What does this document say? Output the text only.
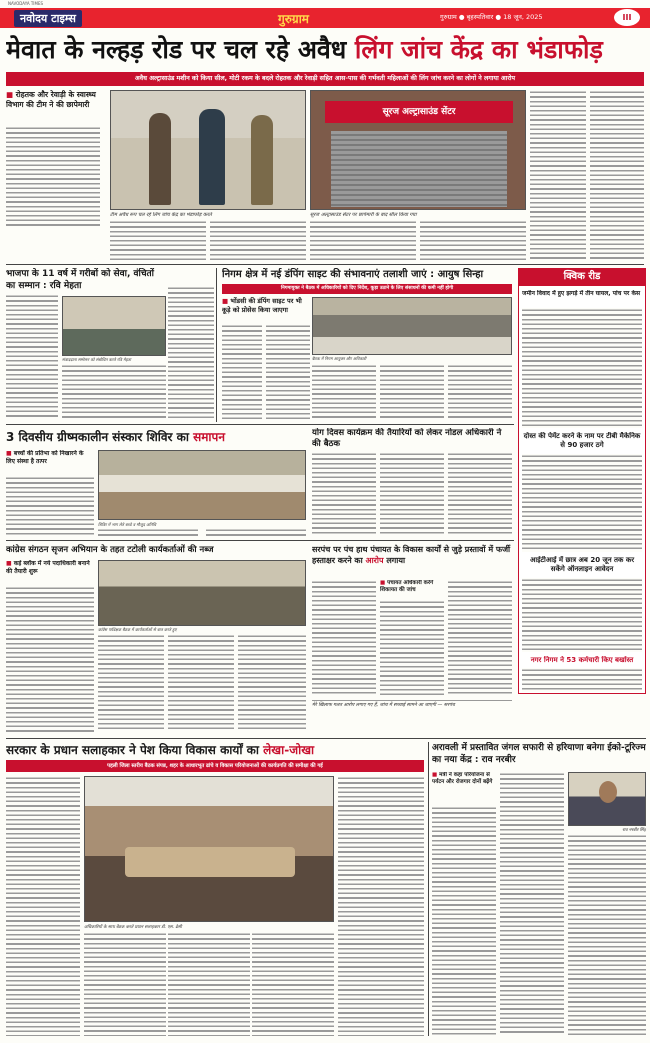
NAVODAYA TIMES
नवोदय टाइम्स	गुरुग्राम	गुरुग्राम ● बृहस्पतिवार ● 18 जून, 2025	III
मेवात के नल्हड़ रोड पर चल रहे अवैध लिंग जांच केंद्र का भंडाफोड़
अवैध अल्ट्रासाउंड मशीन को किया सील, मोटी रकम के बदले रोहतक और रेवाड़ी सहित आस-पास की गर्भवती महिलाओं की लिंग जांच करने का लोगों ने लगाया आरोप
■ रोहतक और रेवाड़ी के स्वास्थ्य विभाग की टीम ने की छापेमारी
टीम अवैध रूप चल रहे लिंग जांच केंद्र का भंडाफोड़ करते
सूरज अल्ट्रासाउंड सेंटर
सूरज अल्ट्रासाउंड सेंटर पर छापेमारी के बाद सील किया गया
भाजपा के 11 वर्ष में गरीबों को सेवा, वंचितों का सम्मान : रवि मेहता
संवाददाता सम्मेलन को संबोधित करते रवि मेहता
निगम क्षेत्र में नई डंपिंग साइट की संभावनाएं तलाशी जाएं : आयुष सिन्हा
निगमायुक्त ने बैठक में अधिकारियों को दिए निर्देश, कूड़ा उठाने के लिए संसाधनों की कमी नहीं होगी
■ भोंडसी की डंपिंग साइट पर भी कूड़े को प्रोसेस किया जाएगा
बैठक में निगम आयुक्त और अधिकारी
क्विक रीड
जमीन विवाद में हुए झगड़े में तीन घायल, पांच पर केस
दोस्त की पेमेंट करने के नाम पर टीबी मैकेनिक से 90 हजार ठगे
आईटीआई में छात्र अब 20 जून तक कर सकेंगे ऑनलाइन आवेदन
नगर निगम ने 53 कर्मचारी किए बर्खास्त
3 दिवसीय ग्रीष्मकालीन संस्कार शिविर का समापन
■ बच्चों की प्रतिभा को निखारने के लिए संस्था है तत्पर
शिविर में भाग लेते बच्चे व मौजूद अतिथि
योग दिवस कार्यक्रम की तैयारियों को लेकर नोडल अधिकारी ने की बैठक
कांग्रेस संगठन सृजन अभियान के तहत टटोली कार्यकर्ताओं की नब्ज
■ कई ब्लॉक में नये पदाधिकारी बनाने की तैयारी शुरू
कांग्रेस पर्यवेक्षक बैठक में कार्यकर्ताओं से बात करते हुए
सरपंच पर पंच हाथ पंचायत के विकास कार्यों से जुड़े प्रस्तावों में फर्जी हस्ताक्षर करने का आरोप लगाया
■ पंचायत अधिकारी करेंगे शिकायत की जांच
मेरे खिलाफ गलत आरोप लगाए गए हैं, जांच में सच्चाई सामने आ जाएगी — सरपंच
सरकार के प्रधान सलाहकार ने पेश किया विकास कार्यों का लेखा-जोखा
पहली जिला स्तरीय बैठक संपन्न, शहर के आधारभूत ढांचे व विकास परियोजनाओं की कार्यप्रगति की समीक्षा की गई
अधिकारियों के साथ बैठक करते प्रधान सलाहकार डी. एस. ढेसी
अरावली में प्रस्तावित जंगल सफारी से हरियाणा बनेगा ईको-टूरिज्म का नया केंद्र : राव नरबीर
■ मंत्री ने कहा परियोजना से पर्यटन और रोजगार दोनों बढ़ेंगे
राव नरबीर सिंह
